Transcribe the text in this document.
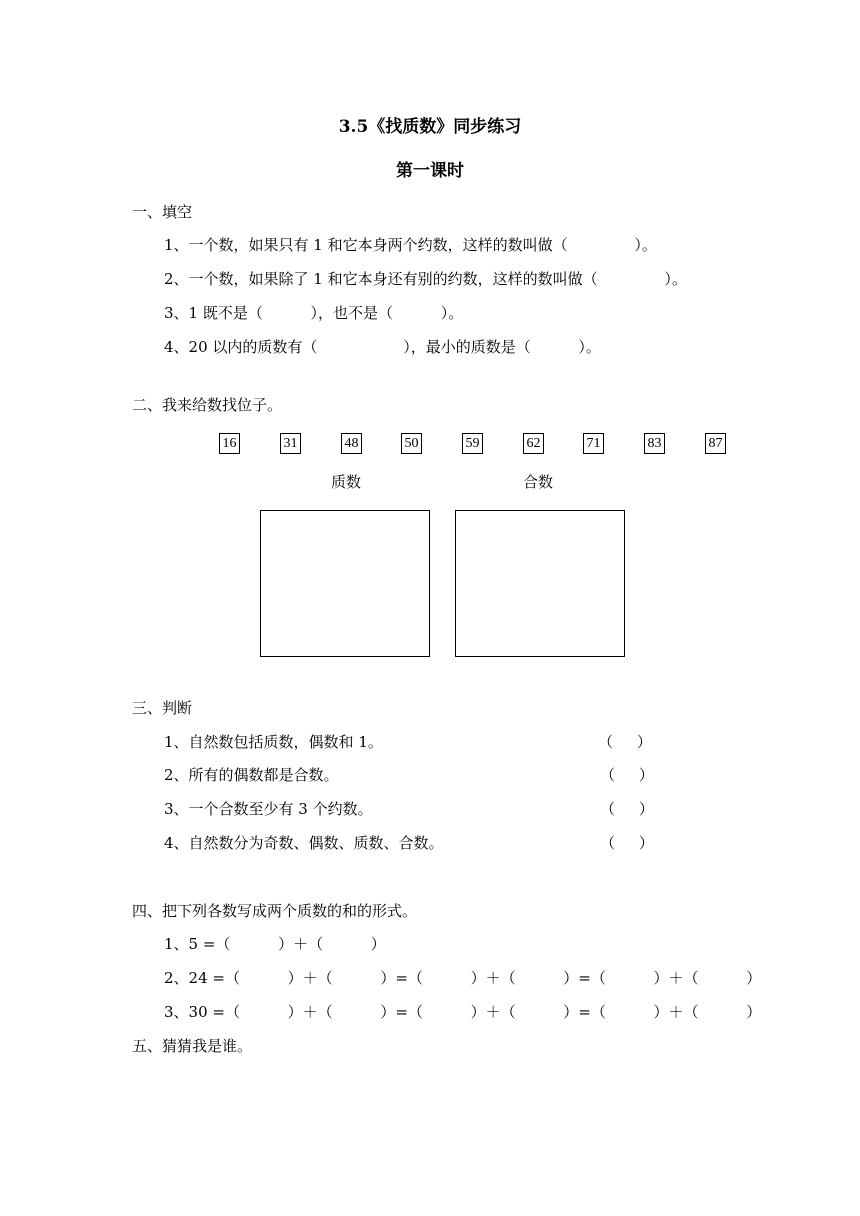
3.5《找质数》同步练习
第一课时
一、填空
1、一个数，如果只有 1 和它本身两个约数，这样的数叫做（              ）。
2、一个数，如果除了 1 和它本身还有别的约数，这样的数叫做（              ）。
3、1 既不是（          ），也不是（          ）。
4、20 以内的质数有（                  ），最小的质数是（          ）。
二、我来给数找位子。
16	31	48	50	59	62	71	83	87
质数	合数
三、判断
1、自然数包括质数，偶数和 1。	（     ）
2、所有的偶数都是合数。	（     ）
3、一个合数至少有 3 个约数。	（     ）
4、自然数分为奇数、偶数、质数、合数。	（     ）
四、把下列各数写成两个质数的和的形式。
1、5 =（          ）＋（          ）
2、24 =（          ）＋（          ）=（          ）＋（          ）=（          ）＋（          ）
3、30 =（          ）＋（          ）=（          ）＋（          ）=（          ）＋（          ）
五、猜猜我是谁。
